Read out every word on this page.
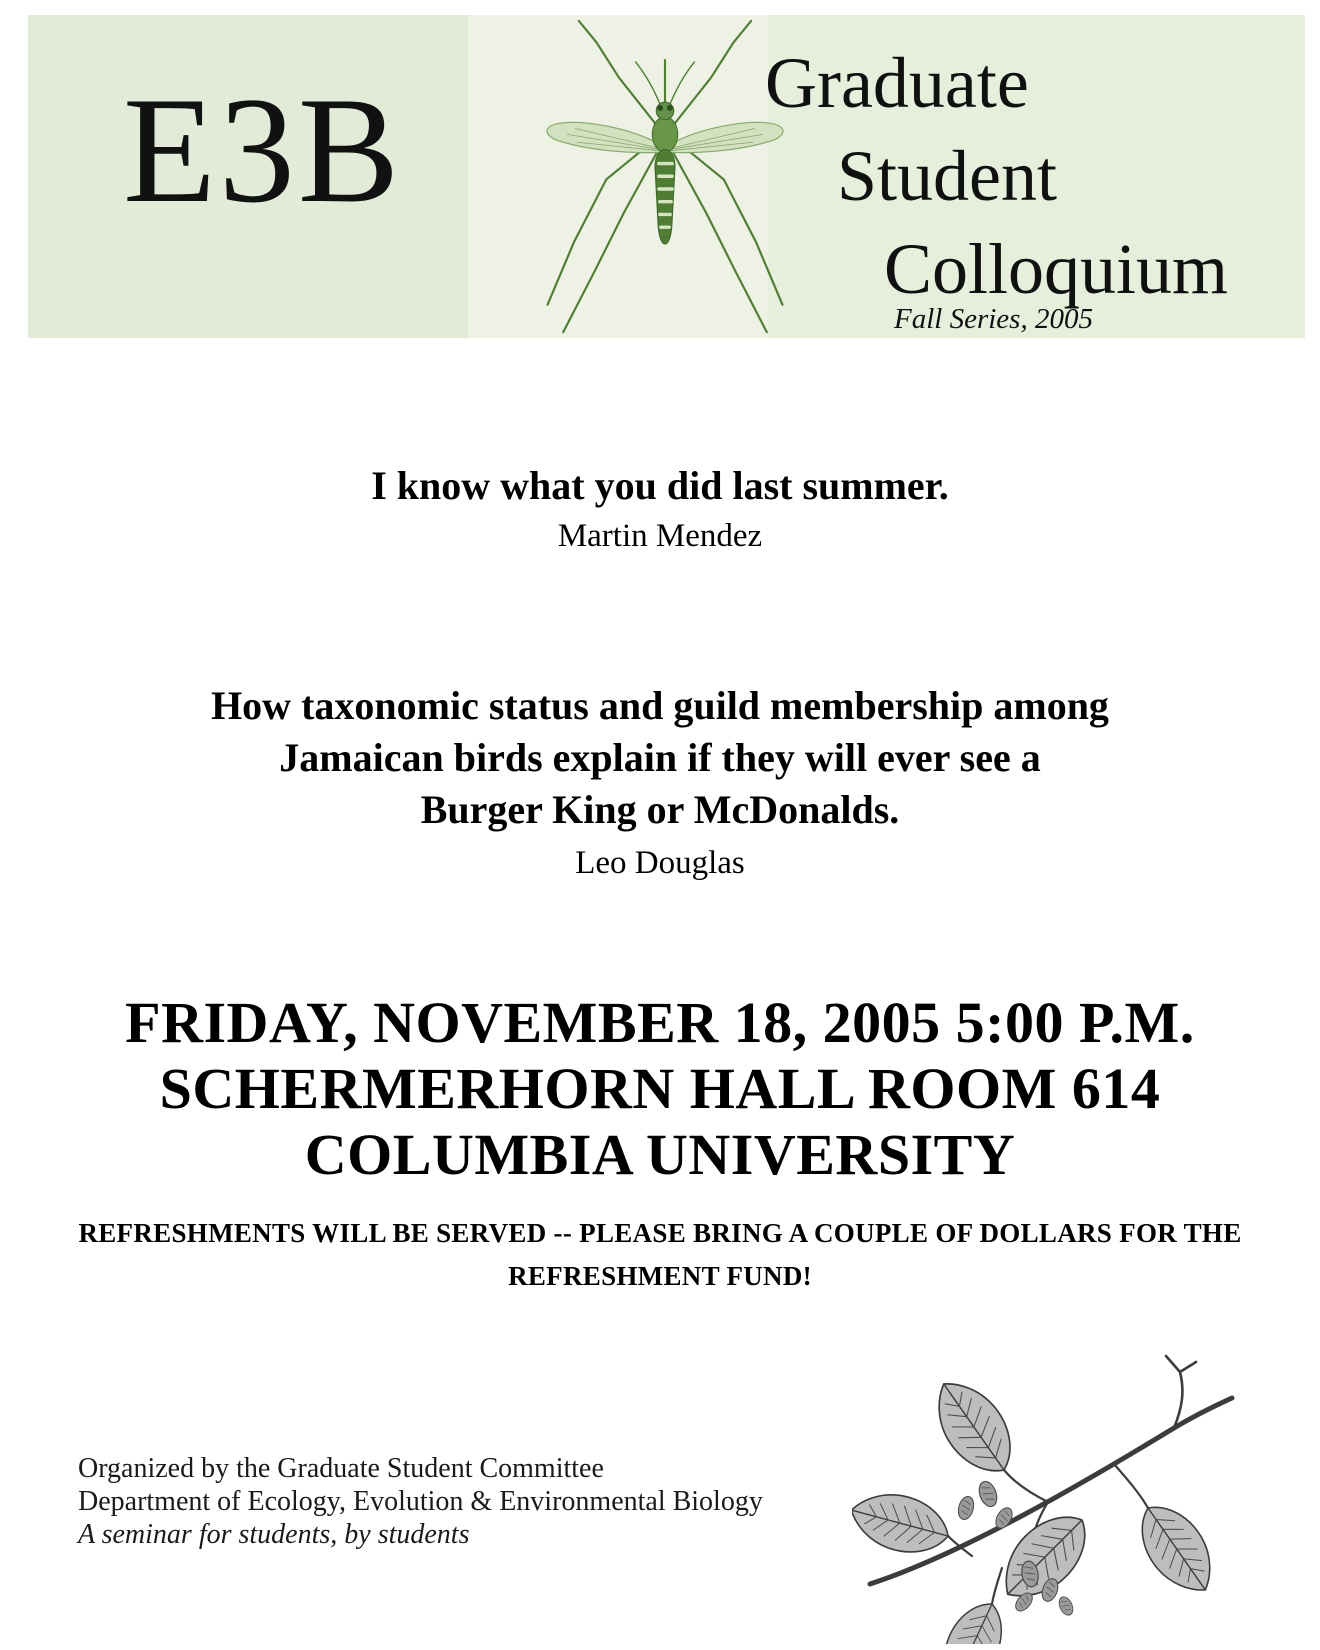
E3B	Graduate
Student
Colloquium
Fall Series, 2005
I know what you did last summer.
Martin Mendez
How taxonomic status and guild membership among
Jamaican birds explain if they will ever see a
Burger King or McDonalds.
Leo Douglas
FRIDAY, NOVEMBER 18, 2005 5:00 P.M.
SCHERMERHORN HALL ROOM 614
COLUMBIA UNIVERSITY
REFRESHMENTS WILL BE SERVED -- PLEASE BRING A COUPLE OF DOLLARS FOR THE
REFRESHMENT FUND!
Organized by the Graduate Student Committee
Department of Ecology, Evolution & Environmental Biology
A seminar for students, by students
